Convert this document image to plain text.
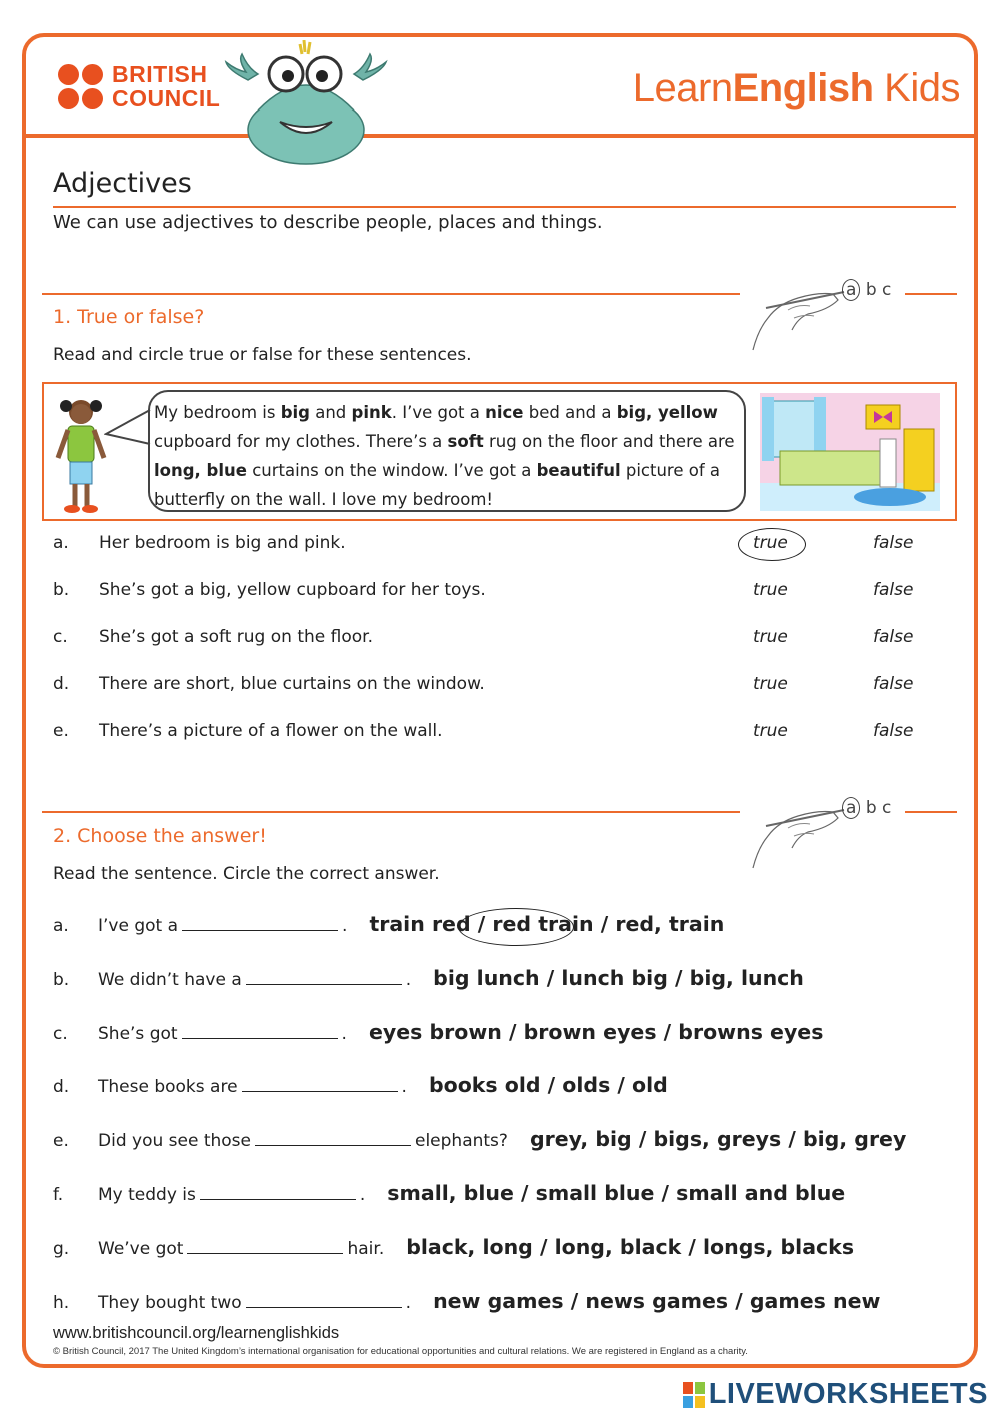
BRITISH
COUNCIL	LearnEnglish Kids
Adjectives
We can use adjectives to describe people, places and things.
a b c
1. True or false?
Read and circle true or false for these sentences.
My bedroom is big and pink. I’ve got a nice bed and a big, yellow cupboard for my clothes. There’s a soft rug on the floor and there are long, blue curtains on the window. I’ve got a beautiful picture of a butterfly on the wall. I love my bedroom!
a. Her bedroom is big and pink.	true	false
b. She’s got a big, yellow cupboard for her toys.	true	false
c. She’s got a soft rug on the floor.	true	false
d. There are short, blue curtains on the window.	true	false
e. There’s a picture of a flower on the wall.	true	false
a b c
2. Choose the answer!
Read the sentence. Circle the correct answer.
a. I’ve got a	. train red / red train / red, train
b. We didn’t have a	. big lunch / lunch big / big, lunch
c. She’s got	. eyes brown / brown eyes / browns eyes
d. These books are	. books old / olds / old
e. Did you see those	elephants? grey, big / bigs, greys / big, grey
f. My teddy is	. small, blue / small blue / small and blue
g. We’ve got	hair. black, long / long, black / longs, blacks
h. They bought two	. new games / news games / games new
www.britishcouncil.org/learnenglishkids
© British Council, 2017 The United Kingdom’s international organisation for educational opportunities and cultural relations. We are registered in England as a charity.
LIVEWORKSHEETS
